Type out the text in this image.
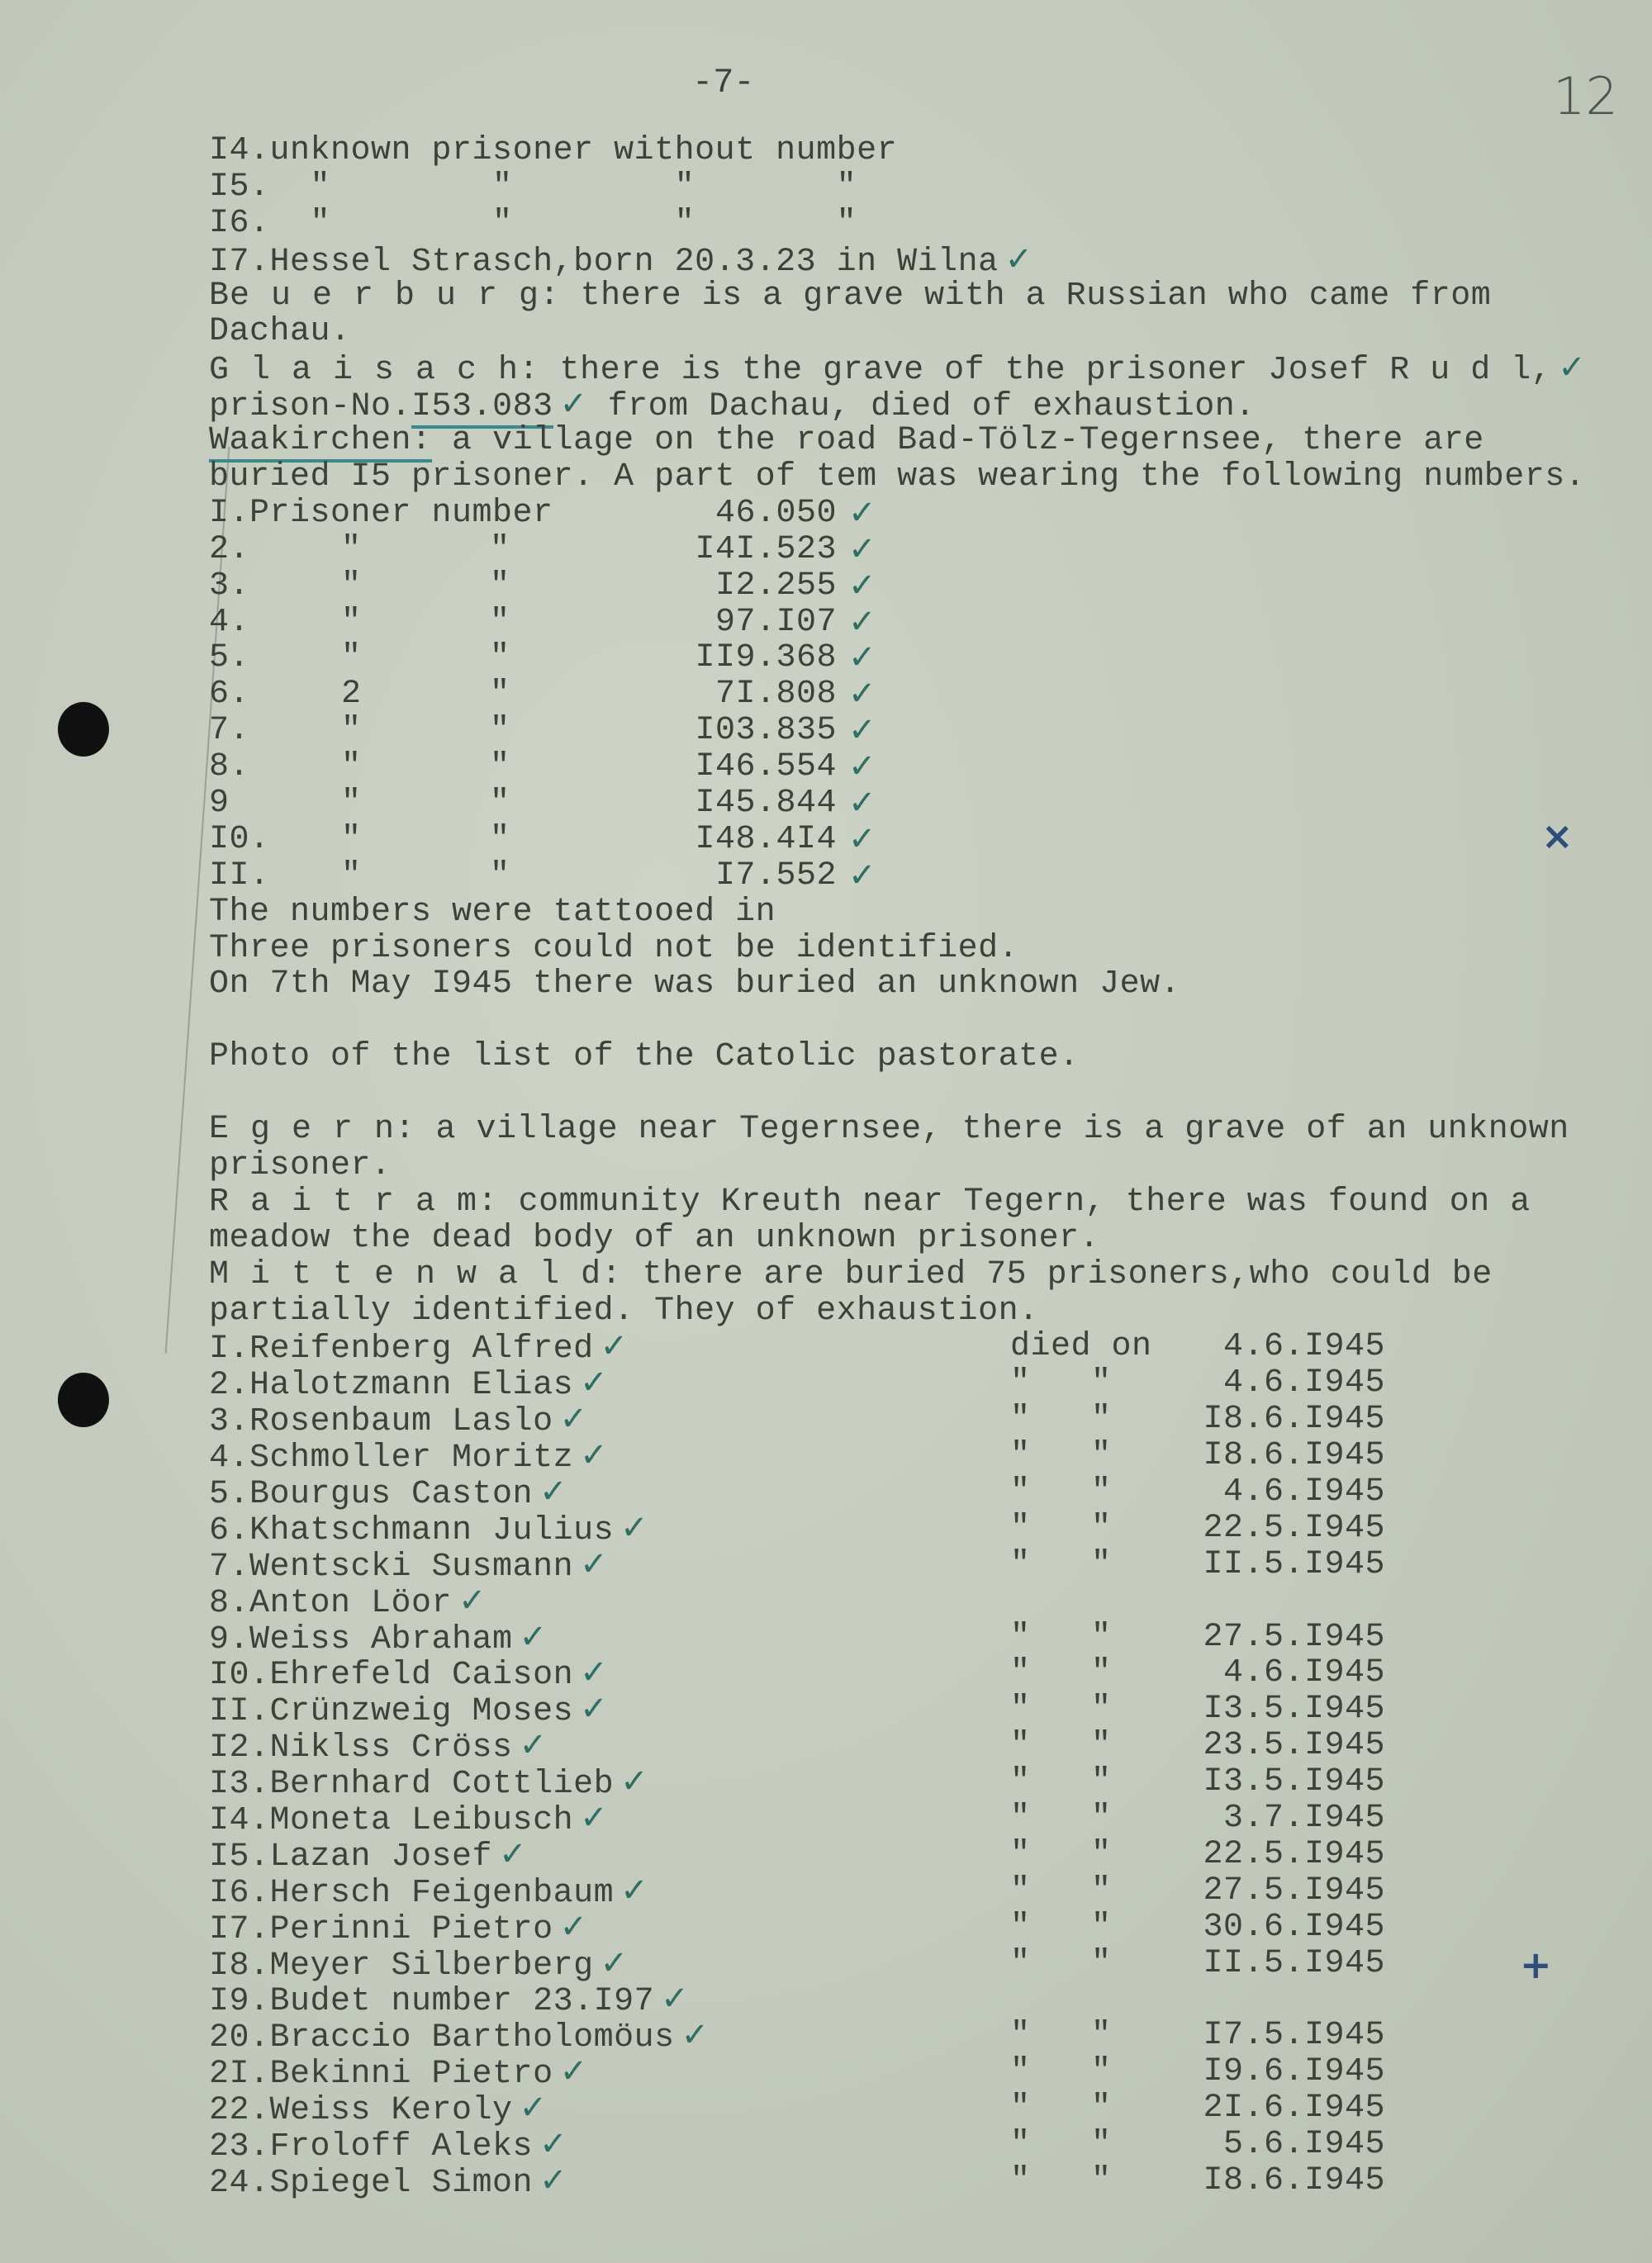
-7-	12
×
+
I4.unknown prisoner without number
I5.  "        "        "       "
I6.  "        "        "       "
I7.Hessel Strasch,born 20.3.23 in Wilna ✓
Be u e r b u r g: there is a grave with a Russian who came from
Dachau.
G l a i s a c h: there is the grave of the prisoner Josef R u d l, ✓
prison-No.I53.083 ✓ from Dachau, died of exhaustion.
Waakirchen: a village on the road Bad-Tölz-Tegernsee, there are
buried I5 prisoner. A part of tem was wearing the following numbers.
I.Prisoner number	46.050 ✓
2.	"	"	I4I.523 ✓
3.	"	"	I2.255 ✓
4.	"	"	97.I07 ✓
5.	"	"	II9.368 ✓
6.	2	"	7I.808 ✓
7.	"	"	I03.835 ✓
8.	"	"	I46.554 ✓
9	"	"	I45.844 ✓
I0. "	"	I48.4I4 ✓
II. "	"	I7.552 ✓
The numbers were tattooed in
Three prisoners could not be identified.
On 7th May I945 there was buried an unknown Jew.
Photo of the list of the Catolic pastorate.
E g e r n: a village near Tegernsee, there is a grave of an unknown
prisoner.
R a i t r a m: community Kreuth near Tegern, there was found on a
meadow the dead body of an unknown prisoner.
M i t t e n w a l d: there are buried 75 prisoners,who could be
partially identified. They of exhaustion.
I.Reifenberg Alfred ✓	died on 4.6.I945
2.Halotzmann Elias ✓	"   "	4.6.I945
3.Rosenbaum Laslo ✓	"   "	I8.6.I945
4.Schmoller Moritz ✓	"   "	I8.6.I945
5.Bourgus Caston ✓	"   "	4.6.I945
6.Khatschmann Julius ✓	"   "	22.5.I945
7.Wentscki Susmann ✓	"   "	II.5.I945
8.Anton Löor ✓
9.Weiss Abraham ✓	"   "	27.5.I945
I0.Ehrefeld Caison ✓	"   "	4.6.I945
II.Crünzweig Moses ✓	"   "	I3.5.I945
I2.Niklss Cröss ✓	"   "	23.5.I945
I3.Bernhard Cottlieb ✓	"   "	I3.5.I945
I4.Moneta Leibusch ✓	"   "	3.7.I945
I5.Lazan Josef ✓	"   "	22.5.I945
I6.Hersch Feigenbaum ✓	"   "	27.5.I945
I7.Perinni Pietro ✓	"   "	30.6.I945
I8.Meyer Silberberg ✓	"   "	II.5.I945
I9.Budet number 23.I97 ✓
20.Braccio Bartholomöus ✓	"   "	I7.5.I945
2I.Bekinni Pietro ✓	"   "	I9.6.I945
22.Weiss Keroly ✓	"   "	2I.6.I945
23.Froloff Aleks ✓	"   "	5.6.I945
24.Spiegel Simon ✓	"   "	I8.6.I945
